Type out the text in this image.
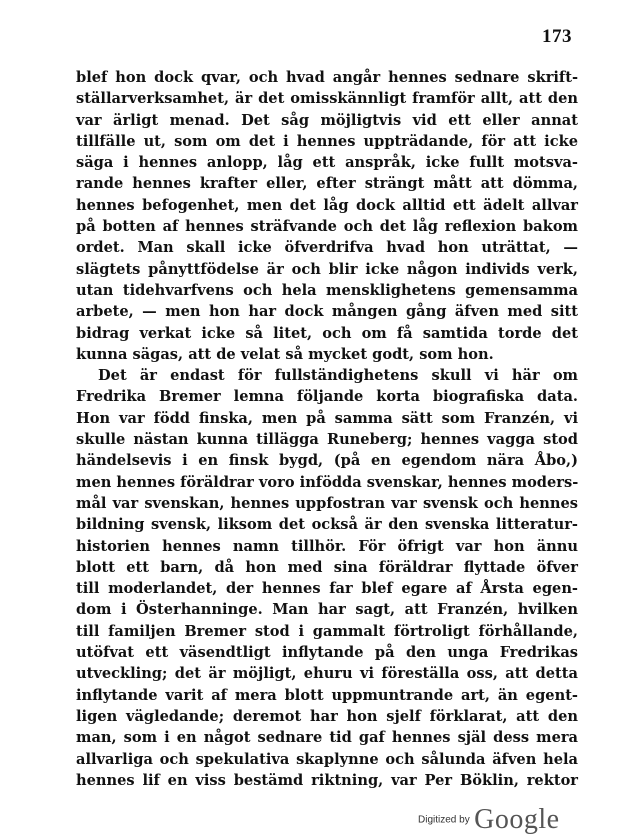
173
blef hon dock qvar, och hvad angår hennes sednare skrift-
ställarverksamhet, är det omisskännligt framför allt, att den
var ärligt menad. Det såg möjligtvis vid ett eller annat
tillfälle ut, som om det i hennes uppträdande, för att icke
säga i hennes anlopp, låg ett anspråk, icke fullt motsva-
rande hennes krafter eller, efter strängt mått att dömma,
hennes befogenhet, men det låg dock alltid ett ädelt allvar
på botten af hennes sträfvande och det låg reflexion bakom
ordet. Man skall icke öfverdrifva hvad hon uträttat, —
slägtets pånyttfödelse är och blir icke någon individs verk,
utan tidehvarfvens och hela mensklighetens gemensamma
arbete, — men hon har dock mången gång äfven med sitt
bidrag verkat icke så litet, och om få samtida torde det
kunna sägas, att de velat så mycket godt, som hon.
Det är endast för fullständighetens skull vi här om
Fredrika Bremer lemna följande korta biografiska data.
Hon var född finska, men på samma sätt som Franzén, vi
skulle nästan kunna tillägga Runeberg; hennes vagga stod
händelsevis i en finsk bygd, (på en egendom nära Åbo,)
men hennes föräldrar voro infödda svenskar, hennes moders-
mål var svenskan, hennes uppfostran var svensk och hennes
bildning svensk, liksom det också är den svenska litteratur-
historien hennes namn tillhör. För öfrigt var hon ännu
blott ett barn, då hon med sina föräldrar flyttade öfver
till moderlandet, der hennes far blef egare af Årsta egen-
dom i Österhanninge. Man har sagt, att Franzén, hvilken
till familjen Bremer stod i gammalt förtroligt förhållande,
utöfvat ett väsendtligt inflytande på den unga Fredrikas
utveckling; det är möjligt, ehuru vi föreställa oss, att detta
inflytande varit af mera blott uppmuntrande art, än egent-
ligen vägledande; deremot har hon sjelf förklarat, att den
man, som i en något sednare tid gaf hennes själ dess mera
allvarliga och spekulativa skaplynne och sålunda äfven hela
hennes lif en viss bestämd riktning, var Per Böklin, rektor
Digitized by Google
